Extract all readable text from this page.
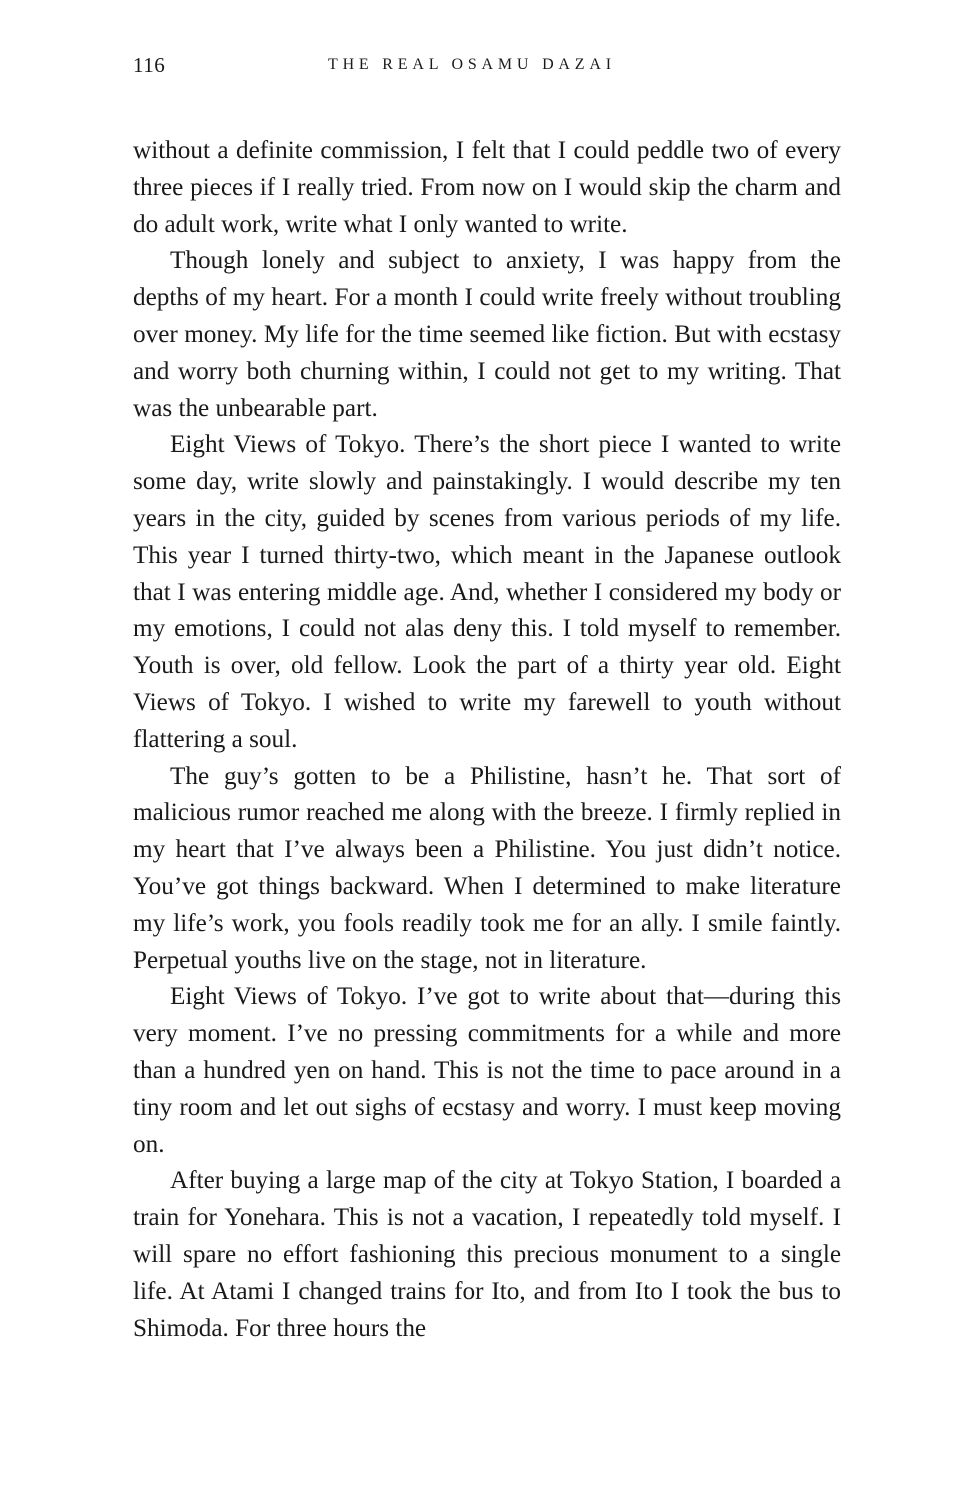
116	THE REAL OSAMU DAZAI

without a definite commission, I felt that I could peddle two of every three pieces if I really tried. From now on I would skip the charm and do adult work, write what I only wanted to write.

Though lonely and subject to anxiety, I was happy from the depths of my heart. For a month I could write freely without troubling over money. My life for the time seemed like fiction. But with ecstasy and worry both churning within, I could not get to my writing. That was the unbearable part.

Eight Views of Tokyo. There’s the short piece I wanted to write some day, write slowly and painstakingly. I would describe my ten years in the city, guided by scenes from various periods of my life. This year I turned thirty-two, which meant in the Japanese outlook that I was entering middle age. And, whether I considered my body or my emotions, I could not alas deny this. I told myself to remember. Youth is over, old fellow. Look the part of a thirty year old. Eight Views of Tokyo. I wished to write my farewell to youth without flattering a soul.

The guy’s gotten to be a Philistine, hasn’t he. That sort of malicious rumor reached me along with the breeze. I firmly replied in my heart that I’ve always been a Philistine. You just didn’t notice. You’ve got things backward. When I determined to make literature my life’s work, you fools readily took me for an ally. I smile faintly. Perpetual youths live on the stage, not in literature.

Eight Views of Tokyo. I’ve got to write about that—during this very moment. I’ve no pressing commitments for a while and more than a hundred yen on hand. This is not the time to pace around in a tiny room and let out sighs of ecstasy and worry. I must keep moving on.

After buying a large map of the city at Tokyo Station, I boarded a train for Yonehara. This is not a vacation, I repeatedly told myself. I will spare no effort fashioning this precious monument to a single life. At Atami I changed trains for Ito, and from Ito I took the bus to Shimoda. For three hours the
